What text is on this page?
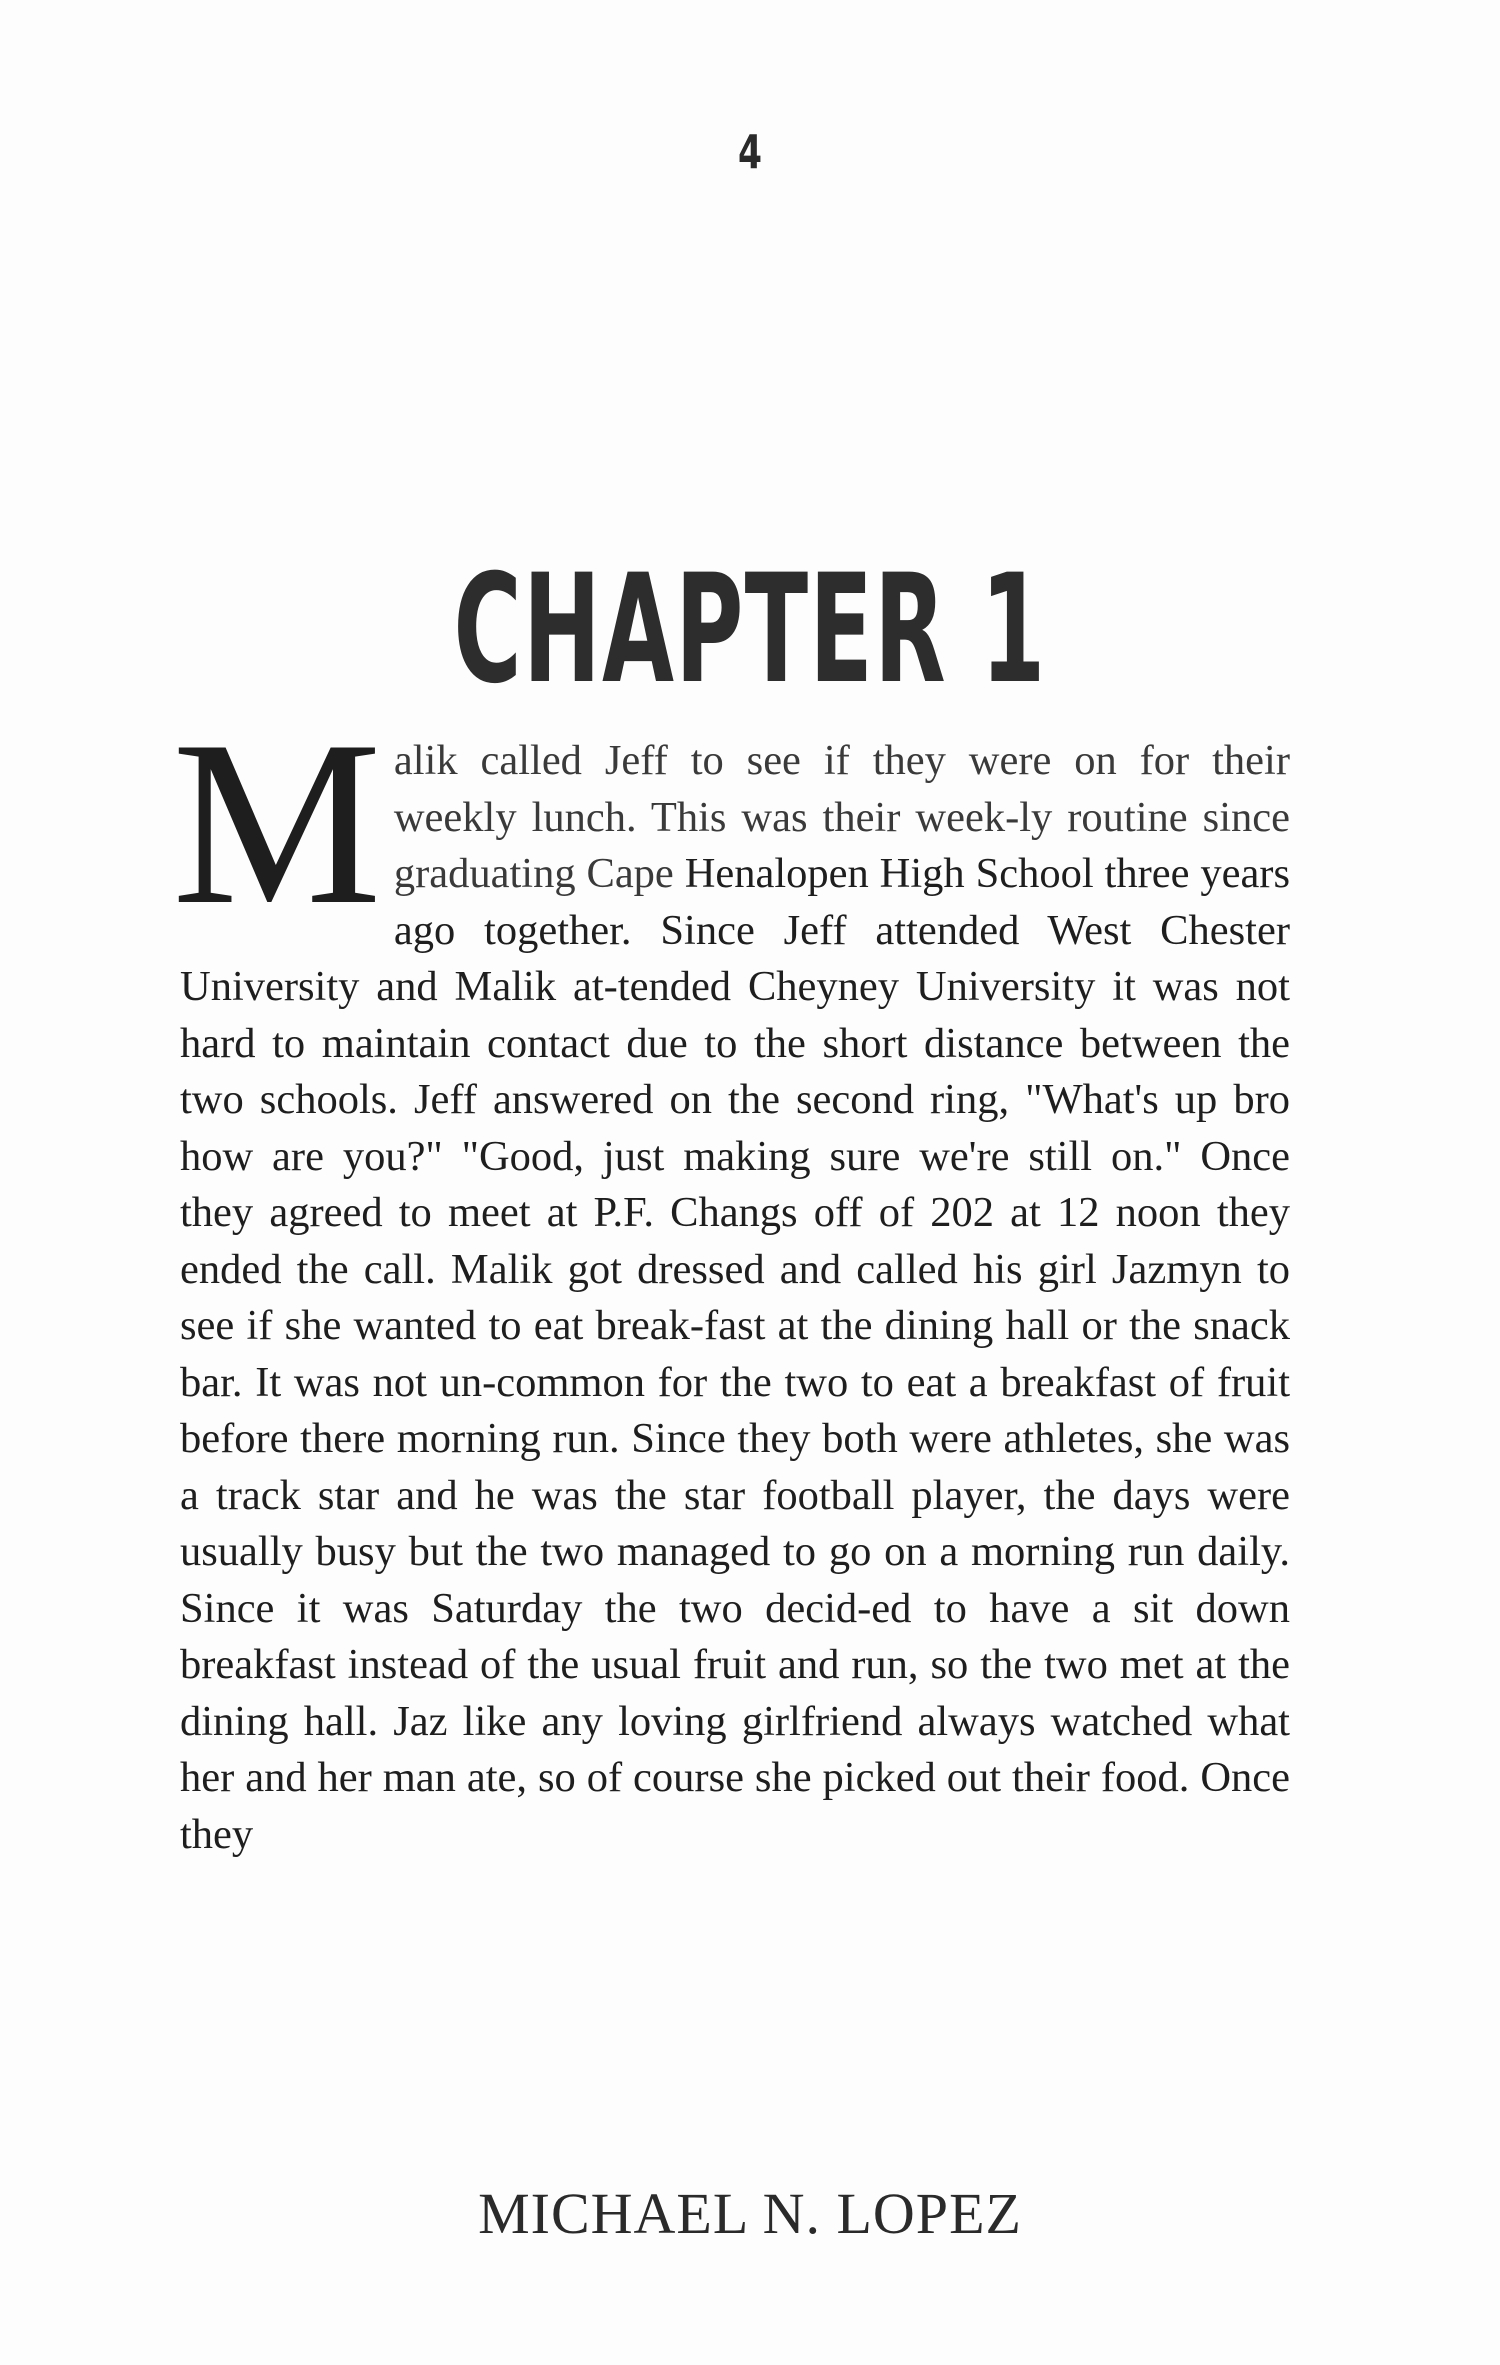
4
CHAPTER 1

Malik called Jeff to see if they were on for their weekly lunch. This was their week-ly routine since graduating Cape Henalopen High School three years ago together. Since Jeff attended West Chester University and Malik at-tended Cheyney University it was not hard to maintain contact due to the short distance between the two schools. Jeff answered on the second ring, "What's up bro how are you?" "Good, just making sure we're still on." Once they agreed to meet at P.F. Changs off of 202 at 12 noon they ended the call. Malik got dressed and called his girl Jazmyn to see if she wanted to eat break-fast at the dining hall or the snack bar. It was not un-common for the two to eat a breakfast of fruit before there morning run. Since they both were athletes, she was a track star and he was the star football player, the days were usually busy but the two managed to go on a morning run daily. Since it was Saturday the two decid-ed to have a sit down breakfast instead of the usual fruit and run, so the two met at the dining hall. Jaz like any loving girlfriend always watched what her and her man ate, so of course she picked out their food. Once they

MICHAEL N. LOPEZ
